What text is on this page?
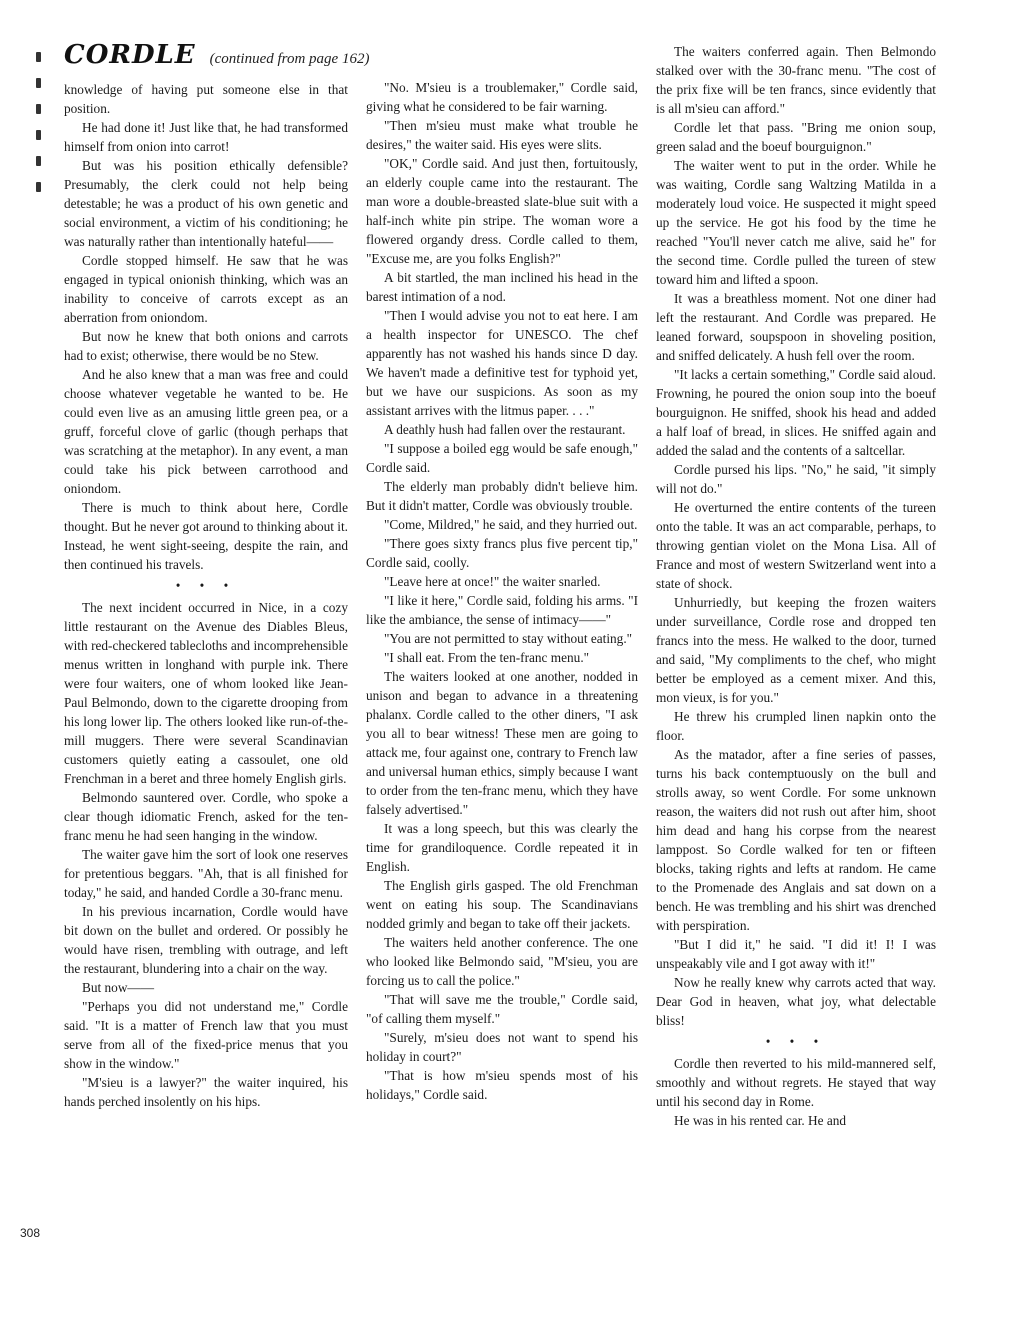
CORDLE (continued from page 162)

knowledge of having put someone else in that position.

He had done it! Just like that, he had transformed himself from onion into carrot!

But was his position ethically defensible? Presumably, the clerk could not help being detestable; he was a product of his own genetic and social environment, a victim of his conditioning; he was naturally rather than intentionally hateful——

Cordle stopped himself. He saw that he was engaged in typical onionish thinking, which was an inability to conceive of carrots except as an aberration from oniondom.

But now he knew that both onions and carrots had to exist; otherwise, there would be no Stew.

And he also knew that a man was free and could choose whatever vegetable he wanted to be. He could even live as an amusing little green pea, or a gruff, forceful clove of garlic (though perhaps that was scratching at the metaphor). In any event, a man could take his pick between carrothood and oniondom.

There is much to think about here, Cordle thought. But he never got around to thinking about it. Instead, he went sight-seeing, despite the rain, and then continued his travels.

• • •

The next incident occurred in Nice, in a cozy little restaurant on the Avenue des Diables Bleus, with red-checkered tablecloths and incomprehensible menus written in longhand with purple ink. There were four waiters, one of whom looked like Jean-Paul Belmondo, down to the cigarette drooping from his long lower lip. The others looked like run-of-the-mill muggers. There were several Scandinavian customers quietly eating a cassoulet, one old Frenchman in a beret and three homely English girls.

Belmondo sauntered over. Cordle, who spoke a clear though idiomatic French, asked for the ten-franc menu he had seen hanging in the window.

The waiter gave him the sort of look one reserves for pretentious beggars. "Ah, that is all finished for today," he said, and handed Cordle a 30-franc menu.

In his previous incarnation, Cordle would have bit down on the bullet and ordered. Or possibly he would have risen, trembling with outrage, and left the restaurant, blundering into a chair on the way.

But now——

"Perhaps you did not understand me," Cordle said. "It is a matter of French law that you must serve from all of the fixed-price menus that you show in the window."

"M'sieu is a lawyer?" the waiter inquired, his hands perched insolently on his hips.

"No. M'sieu is a troublemaker," Cordle said, giving what he considered to be fair warning.

"Then m'sieu must make what trouble he desires," the waiter said. His eyes were slits.

"OK," Cordle said. And just then, fortuitously, an elderly couple came into the restaurant. The man wore a double-breasted slate-blue suit with a half-inch white pin stripe. The woman wore a flowered organdy dress. Cordle called to them, "Excuse me, are you folks English?"

A bit startled, the man inclined his head in the barest intimation of a nod.

"Then I would advise you not to eat here. I am a health inspector for UNESCO. The chef apparently has not washed his hands since D day. We haven't made a definitive test for typhoid yet, but we have our suspicions. As soon as my assistant arrives with the litmus paper. . . ."

A deathly hush had fallen over the restaurant.

"I suppose a boiled egg would be safe enough," Cordle said.

The elderly man probably didn't believe him. But it didn't matter, Cordle was obviously trouble.

"Come, Mildred," he said, and they hurried out.

"There goes sixty francs plus five percent tip," Cordle said, coolly.

"Leave here at once!" the waiter snarled.

"I like it here," Cordle said, folding his arms. "I like the ambiance, the sense of intimacy——"

"You are not permitted to stay without eating."

"I shall eat. From the ten-franc menu."

The waiters looked at one another, nodded in unison and began to advance in a threatening phalanx. Cordle called to the other diners, "I ask you all to bear witness! These men are going to attack me, four against one, contrary to French law and universal human ethics, simply because I want to order from the ten-franc menu, which they have falsely advertised."

It was a long speech, but this was clearly the time for grandiloquence. Cordle repeated it in English.

The English girls gasped. The old Frenchman went on eating his soup. The Scandinavians nodded grimly and began to take off their jackets.

The waiters held another conference. The one who looked like Belmondo said, "M'sieu, you are forcing us to call the police."

"That will save me the trouble," Cordle said, "of calling them myself."

"Surely, m'sieu does not want to spend his holiday in court?"

"That is how m'sieu spends most of his holidays," Cordle said.

The waiters conferred again. Then Belmondo stalked over with the 30-franc menu. "The cost of the prix fixe will be ten francs, since evidently that is all m'sieu can afford."

Cordle let that pass. "Bring me onion soup, green salad and the boeuf bourguignon."

The waiter went to put in the order. While he was waiting, Cordle sang Waltzing Matilda in a moderately loud voice. He suspected it might speed up the service. He got his food by the time he reached "You'll never catch me alive, said he" for the second time. Cordle pulled the tureen of stew toward him and lifted a spoon.

It was a breathless moment. Not one diner had left the restaurant. And Cordle was prepared. He leaned forward, soupspoon in shoveling position, and sniffed delicately. A hush fell over the room.

"It lacks a certain something," Cordle said aloud. Frowning, he poured the onion soup into the boeuf bourguignon. He sniffed, shook his head and added a half loaf of bread, in slices. He sniffed again and added the salad and the contents of a saltcellar.

Cordle pursed his lips. "No," he said, "it simply will not do."

He overturned the entire contents of the tureen onto the table. It was an act comparable, perhaps, to throwing gentian violet on the Mona Lisa. All of France and most of western Switzerland went into a state of shock.

Unhurriedly, but keeping the frozen waiters under surveillance, Cordle rose and dropped ten francs into the mess. He walked to the door, turned and said, "My compliments to the chef, who might better be employed as a cement mixer. And this, mon vieux, is for you."

He threw his crumpled linen napkin onto the floor.

As the matador, after a fine series of passes, turns his back contemptuously on the bull and strolls away, so went Cordle. For some unknown reason, the waiters did not rush out after him, shoot him dead and hang his corpse from the nearest lamppost. So Cordle walked for ten or fifteen blocks, taking rights and lefts at random. He came to the Promenade des Anglais and sat down on a bench. He was trembling and his shirt was drenched with perspiration.

"But I did it," he said. "I did it! I! I was unspeakably vile and I got away with it!"

Now he really knew why carrots acted that way. Dear God in heaven, what joy, what delectable bliss!

• • •

Cordle then reverted to his mild-mannered self, smoothly and without regrets. He stayed that way until his second day in Rome.

He was in his rented car. He and

308
